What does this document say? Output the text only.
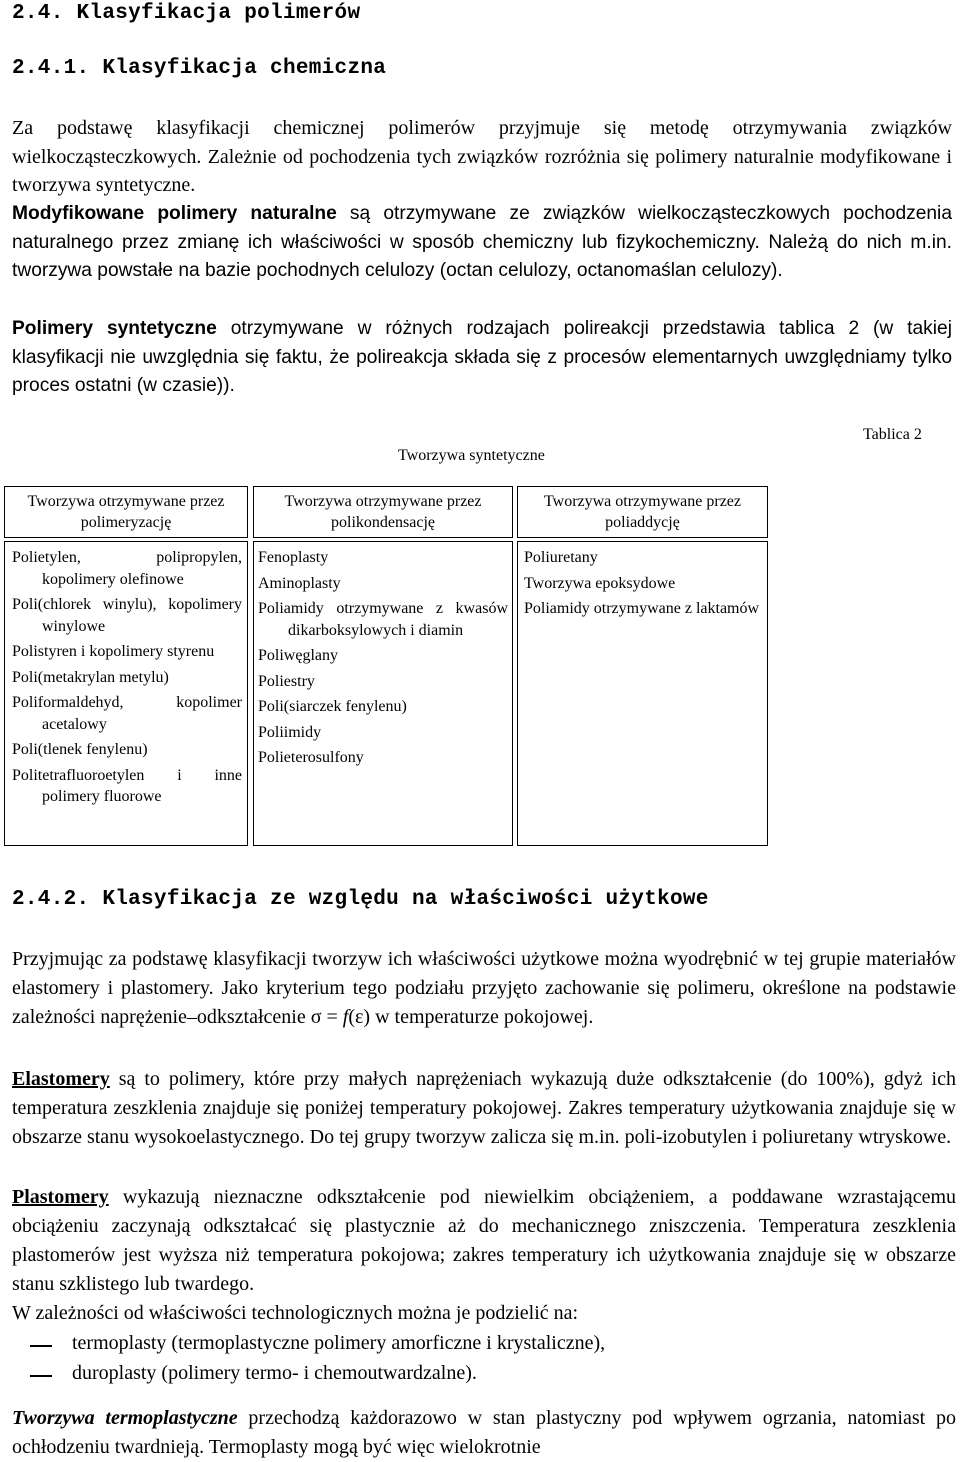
2.4. Klasyfikacja polimerów
2.4.1. Klasyfikacja chemiczna
Za podstawę klasyfikacji chemicznej polimerów przyjmuje się metodę otrzymywania związków wielkocząsteczkowych. Zależnie od pochodzenia tych związków rozróżnia się polimery naturalnie modyfikowane i tworzywa syntetyczne.
Modyfikowane polimery naturalne są otrzymywane ze związków wielkocząsteczkowych pochodzenia naturalnego przez zmianę ich właściwości w sposób chemiczny lub fizykochemiczny. Należą do nich m.in. tworzywa powstałe na bazie pochodnych celulozy (octan celulozy, octanomaślan celulozy).
Polimery syntetyczne otrzymywane w różnych rodzajach polireakcji przedstawia tablica 2 (w takiej klasyfikacji nie uwzględnia się faktu, że polireakcja składa się z procesów elementarnych uwzględniamy tylko proces ostatni (w czasie)).
Tablica 2
Tworzywa syntetyczne
Tworzywa otrzymywane przez polimeryzację
Tworzywa otrzymywane przez polikondensację
Tworzywa otrzymywane przez poliaddycję
Polietylen, polipropylen, kopolimery olefinowe
Poli(chlorek winylu), kopolimery winylowe
Polistyren i kopolimery styrenu
Poli(metakrylan metylu)
Poliformaldehyd, kopolimer acetalowy
Poli(tlenek fenylenu)
Politetrafluoroetylen i inne polimery fluorowe
Fenoplasty
Aminoplasty
Poliamidy otrzymywane z kwasów dikarboksylowych i diamin
Poliwęglany
Poliestry
Poli(siarczek fenylenu)
Poliimidy
Polieterosulfony
Poliuretany
Tworzywa epoksydowe
Poliamidy otrzymywane z laktamów
2.4.2. Klasyfikacja ze względu na właściwości użytkowe
Przyjmując za podstawę klasyfikacji tworzyw ich właściwości użytkowe można wyodrębnić w tej grupie materiałów elastomery i plastomery. Jako kryterium tego podziału przyjęto zachowanie się polimeru, określone na podstawie zależności naprężenie–odkształcenie σ = f(ε) w temperaturze pokojowej.
Elastomery są to polimery, które przy małych naprężeniach wykazują duże odkształcenie (do 100%), gdyż ich temperatura zeszklenia znajduje się poniżej temperatury pokojowej. Zakres temperatury użytkowania znajduje się w obszarze stanu wysokoelastycznego. Do tej grupy tworzyw zalicza się m.in. poli-izobutylen i poliuretany wtryskowe.
Plastomery wykazują nieznaczne odkształcenie pod niewielkim obciążeniem, a poddawane wzrastającemu obciążeniu zaczynają odkształcać się plastycznie aż do mechanicznego zniszczenia. Temperatura zeszklenia plastomerów jest wyższa niż temperatura pokojowa; zakres temperatury ich użytkowania znajduje się w obszarze stanu szklistego lub twardego.
W zależności od właściwości technologicznych można je podzielić na:
termoplasty (termoplastyczne polimery amorficzne i krystaliczne),
duroplasty (polimery termo- i chemoutwardzalne).
Tworzywa termoplastyczne przechodzą każdorazowo w stan plastyczny pod wpływem ogrzania, natomiast po ochłodzeniu twardnieją. Termoplasty mogą być więc wielokrotnie
